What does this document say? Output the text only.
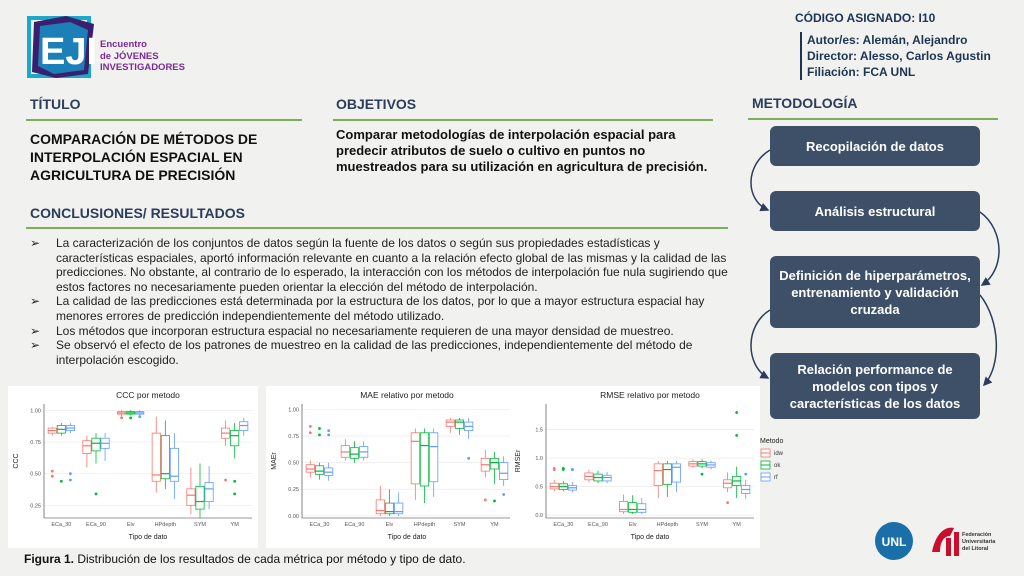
EJI Encuentro
de JÓVENES
INVESTIGADORES
CÓDIGO ASIGNADO: I10
Autor/es: Alemán, Alejandro
Director: Alesso, Carlos Agustin
Filiación: FCA UNL
TÍTULO
COMPARACIÓN DE MÉTODOS DE INTERPOLACIÓN ESPACIAL EN AGRICULTURA DE PRECISIÓN
OBJETIVOS
Comparar metodologías de interpolación espacial para predecir atributos de suelo o cultivo en puntos no muestreados para su utilización en agricultura de precisión.
METODOLOGÍA
Recopilación de datos
Análisis estructural
Definición de hiperparámetros, entrenamiento y validación cruzada
Relación performance de modelos con tipos y características de los datos
CONCLUSIONES/ RESULTADOS
➢ La caracterización de los conjuntos de datos según la fuente de los datos o según sus propiedades estadísticas y características espaciales, aportó información relevante en cuanto a la relación efecto global de las mismas y la calidad de las predicciones. No obstante, al contrario de lo esperado, la interacción con los métodos de interpolación fue nula sugiriendo que estos factores no necesariamente pueden orientar la elección del método de interpolación.
➢ La calidad de las predicciones está determinada por la estructura de los datos, por lo que a mayor estructura espacial hay menores errores de predicción independientemente del método utilizado.
➢ Los métodos que incorporan estructura espacial no necesariamente requieren de una mayor densidad de muestreo.
➢ Se observó el efecto de los patrones de muestreo en la calidad de las predicciones, independientemente del método de interpolación escogido.
CCC por metodo
0.25
0.50
0.75
1.00
ECa_30	ECa_90	Elv	HPdepth	SYM	YM
Tipo de dato
CCC
MAE relativo por metodo
0.00
0.25
0.50
0.75
1.00
ECa_30	ECa_90	Elv	HPdepth	SYM	YM
Tipo de dato
MAEr
RMSE relativo por metodo
0.0
0.5
1.0
1.5
ECa_30	ECa_90	Elv	HPdepth	SYM	YM
Tipo de dato
RMSEr
Metodo
idw
ok
rf
Figura 1. Distribución de los resultados de cada métrica por método y tipo de dato.
UNL	Federación
Universitaria
del Litoral
